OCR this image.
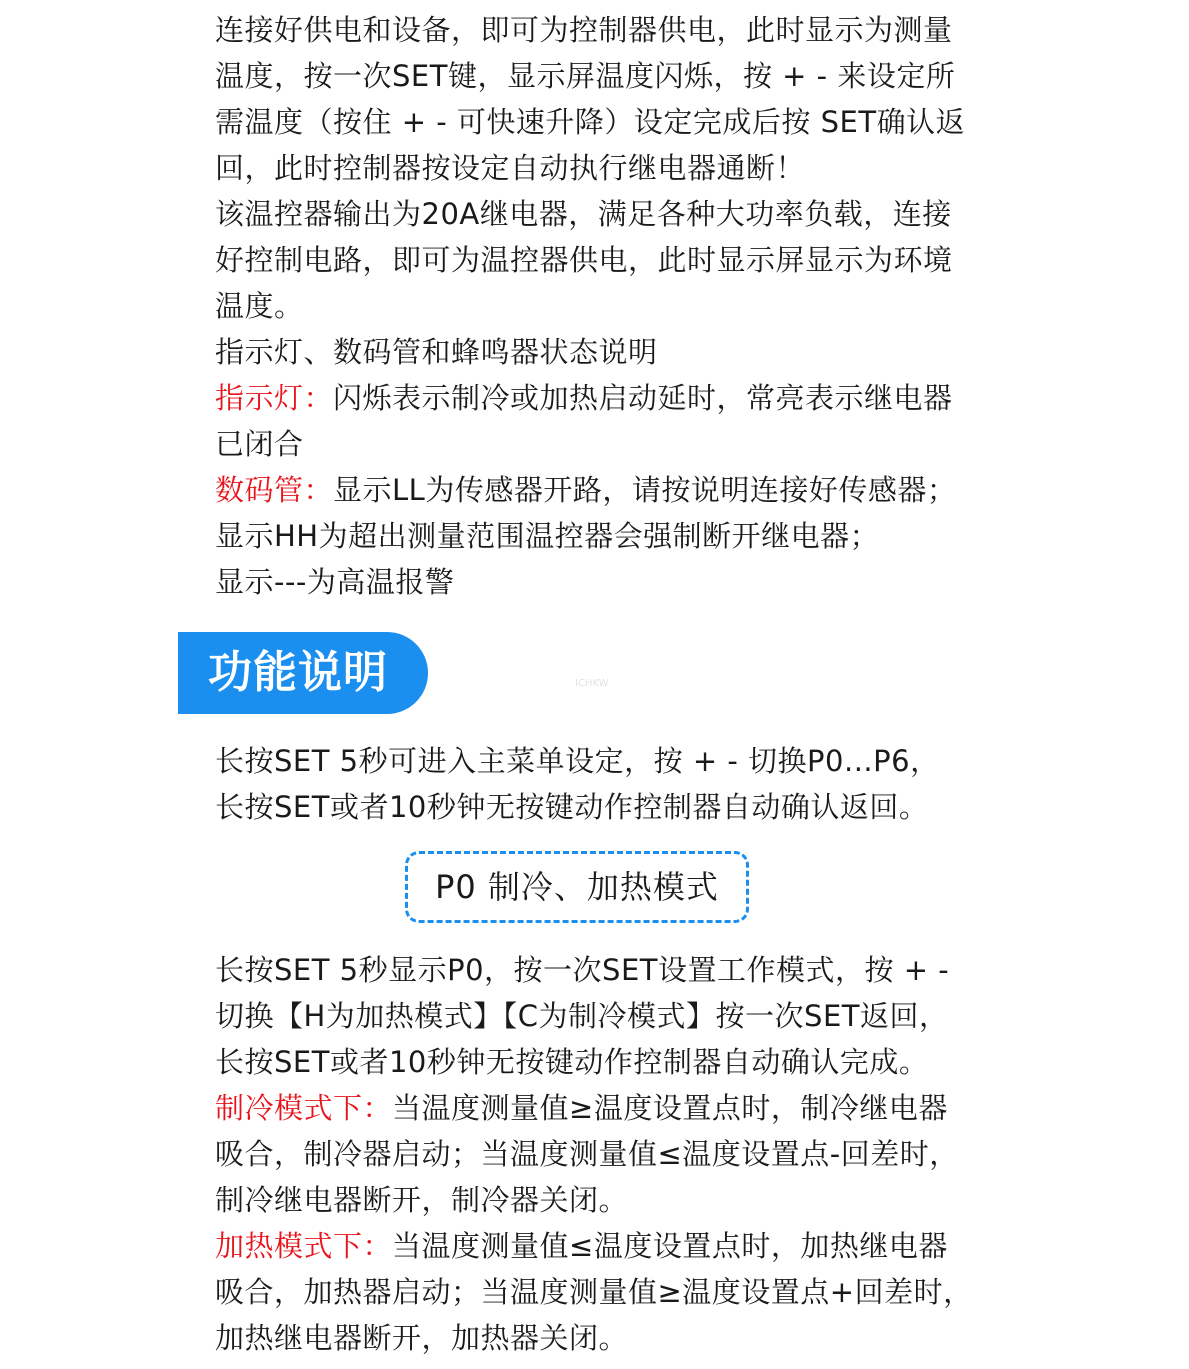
连接好供电和设备，即可为控制器供电，此时显示为测量
温度，按一次SET键，显示屏温度闪烁，按 + - 来设定所
需温度（按住 + - 可快速升降）设定完成后按 SET确认返
回，此时控制器按设定自动执行继电器通断！
该温控器输出为20A继电器，满足各种大功率负载，连接
好控制电路，即可为温控器供电，此时显示屏显示为环境
温度。
指示灯、数码管和蜂鸣器状态说明
指示灯：闪烁表示制冷或加热启动延时，常亮表示继电器
已闭合
数码管：显示LL为传感器开路，请按说明连接好传感器；
显示HH为超出测量范围温控器会强制断开继电器；
显示---为高温报警
功能说明	ICHKW
长按SET 5秒可进入主菜单设定，按 + - 切换P0...P6，
长按SET或者10秒钟无按键动作控制器自动确认返回。
P0 制冷、加热模式
长按SET 5秒显示P0，按一次SET设置工作模式，按 + -
切换【H为加热模式】【C为制冷模式】按一次SET返回，
长按SET或者10秒钟无按键动作控制器自动确认完成。
制冷模式下：当温度测量值≥温度设置点时，制冷继电器
吸合，制冷器启动；当温度测量值≤温度设置点-回差时，
制冷继电器断开，制冷器关闭。
加热模式下：当温度测量值≤温度设置点时，加热继电器
吸合，加热器启动；当温度测量值≥温度设置点+回差时，
加热继电器断开，加热器关闭。
